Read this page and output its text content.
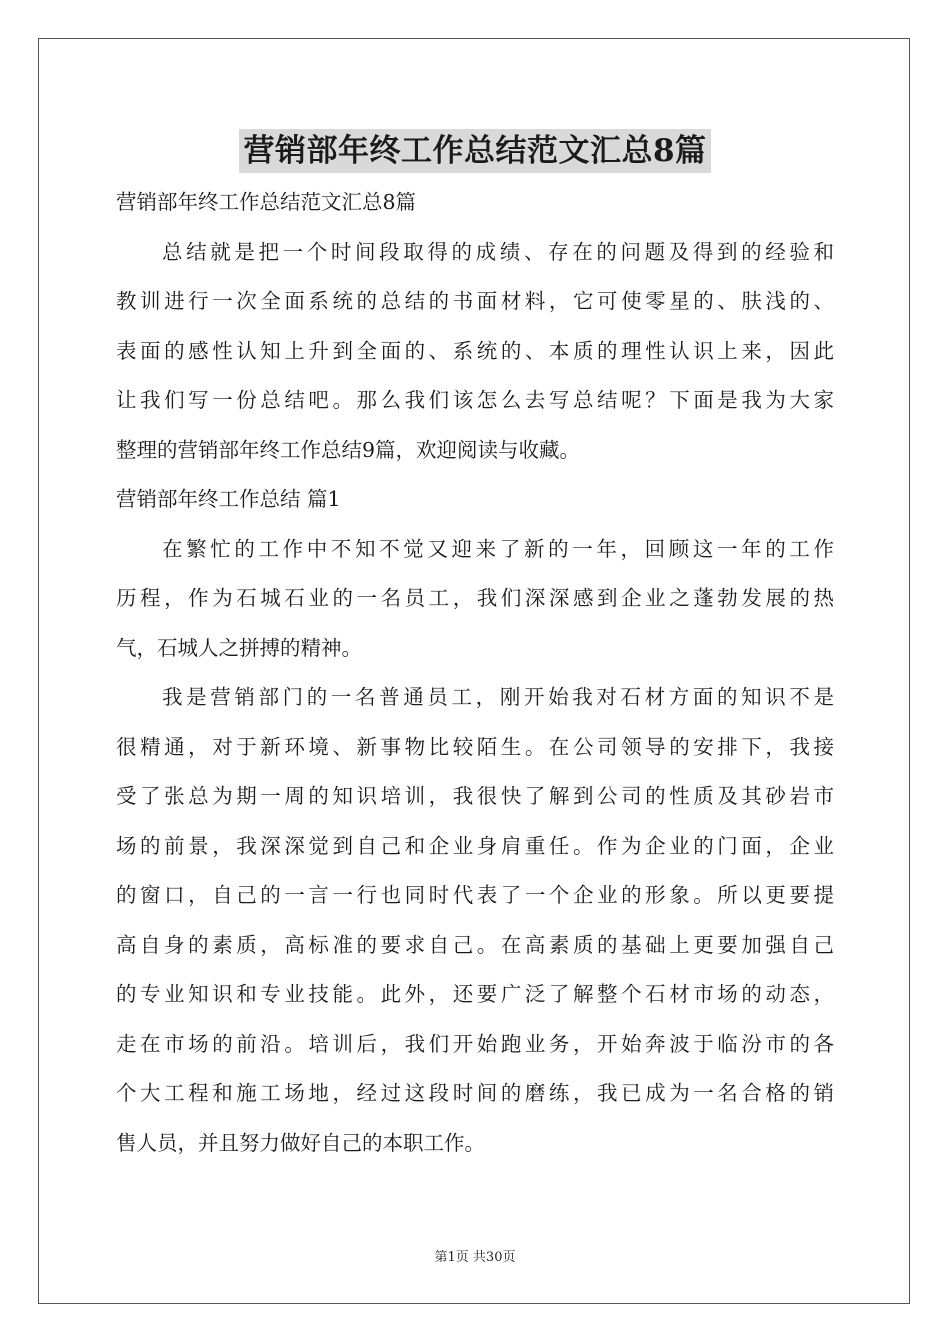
营销部年终工作总结范文汇总8篇

营销部年终工作总结范文汇总8篇

总结就是把一个时间段取得的成绩、存在的问题及得到的经验和

教训进行一次全面系统的总结的书面材料，它可使零星的、肤浅的、

表面的感性认知上升到全面的、系统的、本质的理性认识上来，因此

让我们写一份总结吧。那么我们该怎么去写总结呢？下面是我为大家

整理的营销部年终工作总结9篇，欢迎阅读与收藏。

营销部年终工作总结 篇1

在繁忙的工作中不知不觉又迎来了新的一年，回顾这一年的工作

历程，作为石城石业的一名员工，我们深深感到企业之蓬勃发展的热

气，石城人之拼搏的精神。

我是营销部门的一名普通员工，刚开始我对石材方面的知识不是

很精通，对于新环境、新事物比较陌生。在公司领导的安排下，我接

受了张总为期一周的知识培训，我很快了解到公司的性质及其砂岩市

场的前景，我深深觉到自己和企业身肩重任。作为企业的门面，企业

的窗口，自己的一言一行也同时代表了一个企业的形象。所以更要提

高自身的素质，高标准的要求自己。在高素质的基础上更要加强自己

的专业知识和专业技能。此外，还要广泛了解整个石材市场的动态，

走在市场的前沿。培训后，我们开始跑业务，开始奔波于临汾市的各

个大工程和施工场地，经过这段时间的磨练，我已成为一名合格的销

售人员，并且努力做好自己的本职工作。

第1页 共30页
